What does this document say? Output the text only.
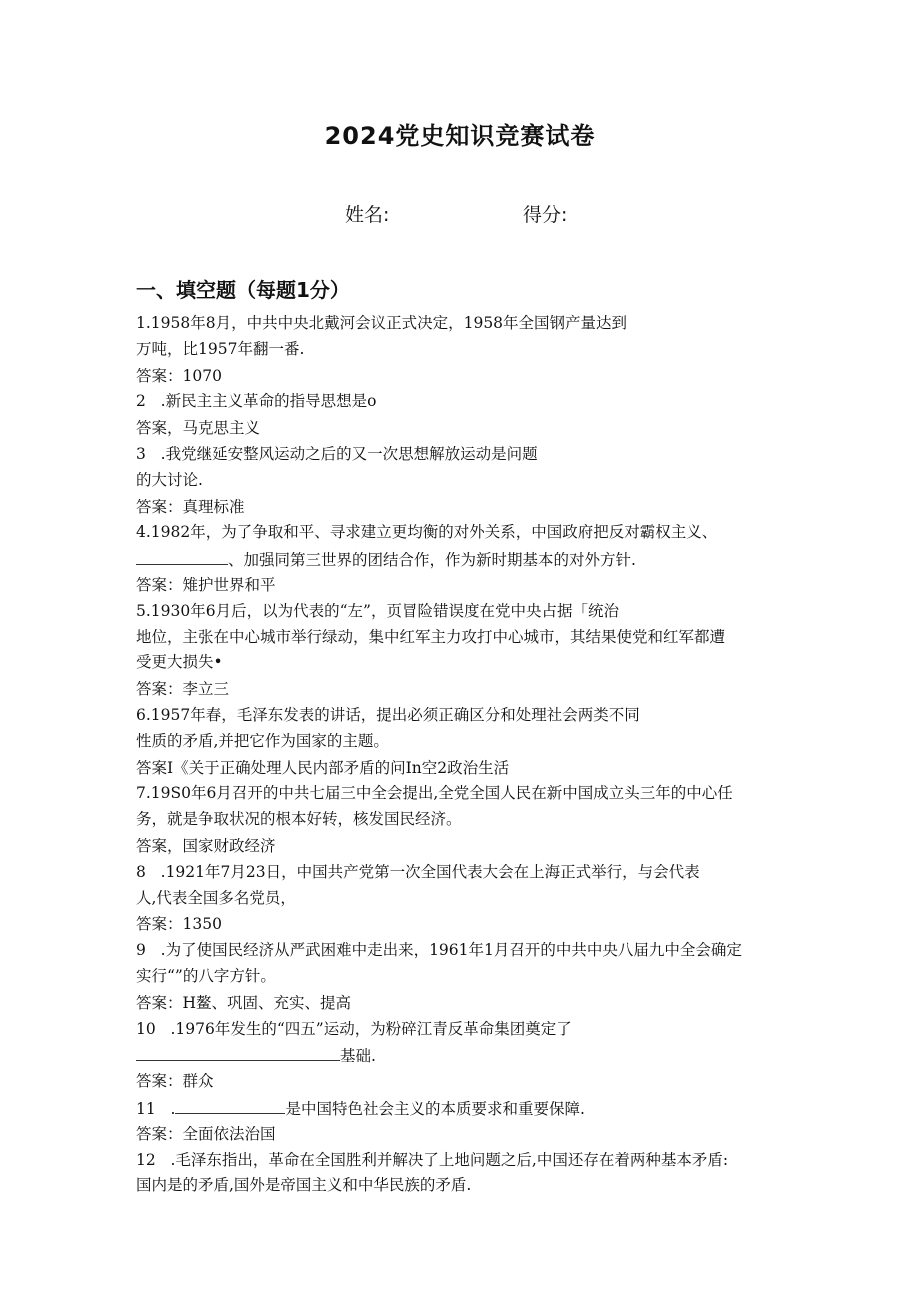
2024党史知识竞赛试卷
姓名:	得分:
一、填空题（每题1分）
1.1958年8月，中共中央北戴河会议正式决定，1958年全国钢产量达到
万吨，比1957年翻一番.
答案：1070
2   .新民主主义革命的指导思想是o
答案，马克思主义
3   .我党继延安整风运动之后的又一次思想解放运动是问题
的大讨论.
答案：真理标准
4.1982年，为了争取和平、寻求建立更均衡的对外关系，中国政府把反对霸权主义、
、加强同第三世界的团结合作，作为新时期基本的对外方针.
答案：雉护世界和平
5.1930年6月后，以为代表的“左”，页冒险错误度在党中央占据「统治
地位，主张在中心城市举行绿动，集中红军主力攻打中心城市，其结果使党和红军都遭
受更大损失•
答案：李立三
6.1957年春，毛泽东发表的讲话，提出必须正确区分和处理社会两类不同
性质的矛盾,并把它作为国家的主题。
答案I《关于正确处理人民内部矛盾的问In空2政治生活
7.19S0年6月召开的中共七届三中全会提出,全党全国人民在新中国成立头三年的中心任
务，就是争取状况的根本好转，核发国民经济。
答案，国家财政经济
8   .1921年7月23日，中国共产党第一次全国代表大会在上海正式举行，与会代表
人,代表全国多名党员，
答案：1350
9   .为了使国民经济从严武困难中走出来，1961年1月召开的中共中央八届九中全会确定
实行“”的八字方针。
答案：H鳌、巩固、充实、提高
10   .1976年发生的“四五”运动，为粉碎江青反革命集团奠定了
基础.
答案：群众
11   .	是中国特色社会主义的本质要求和重要保障.
答案：全面依法治国
12   .毛泽东指出，革命在全国胜利并解决了上地问题之后,中国还存在着两种基本矛盾:
国内是的矛盾,国外是帝国主义和中华民族的矛盾.
